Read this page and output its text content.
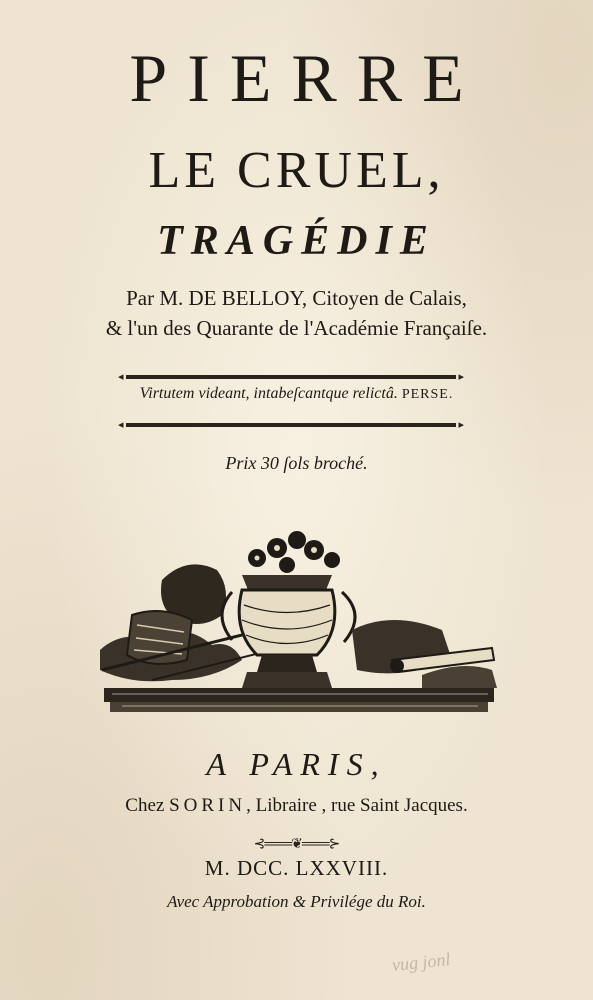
PIERRE
LE CRUEL,
TRAGÉDIE
Par M. DE BELLOY, Citoyen de Calais,
& l'un des Quarante de l'Académie Françaiſe.
◂	▸
Virtutem videant, intabeſcantque relictâ. PERSE.
◂	▸
Prix 30 ſols broché.
A PARIS,
Chez SORIN, Libraire , rue Saint Jacques.
⊰═══❦═══⊱
M. DCC. LXXVIII.
Avec Approbation & Privilége du Roi.
vug jonl
